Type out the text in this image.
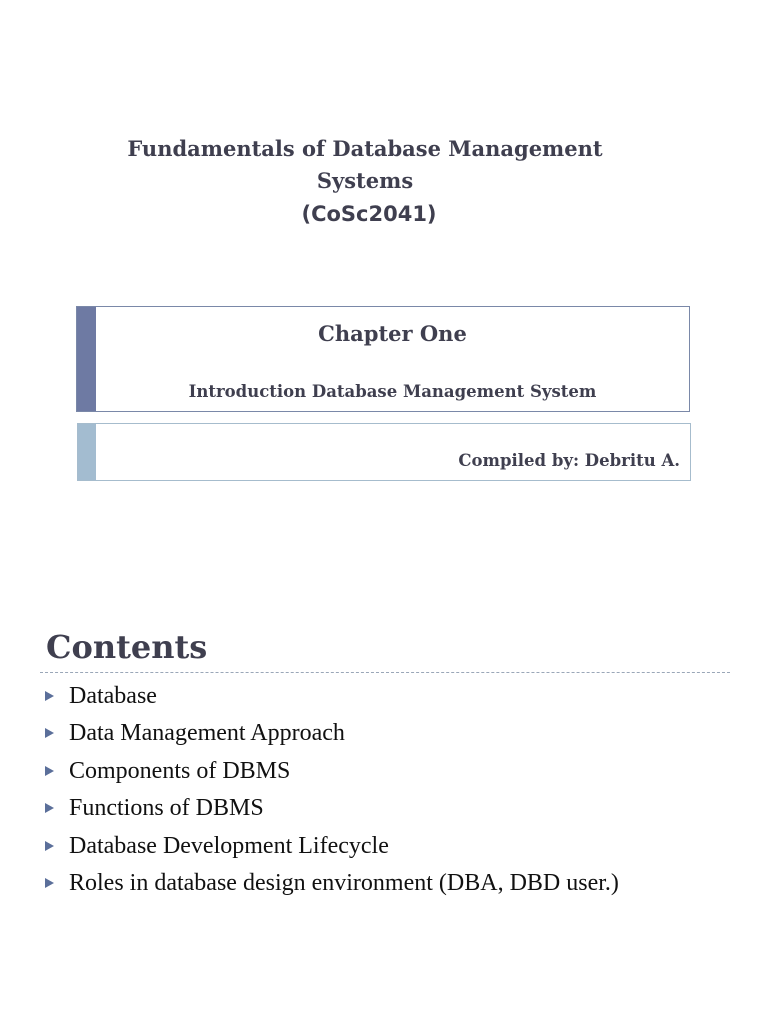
Fundamentals of Database Management
Systems
(CoSc2041)
Chapter One
Introduction Database Management System
Compiled by: Debritu A.
Contents
Database
Data Management Approach
Components of DBMS
Functions of DBMS
Database Development Lifecycle
Roles in database design environment (DBA, DBD user.)
